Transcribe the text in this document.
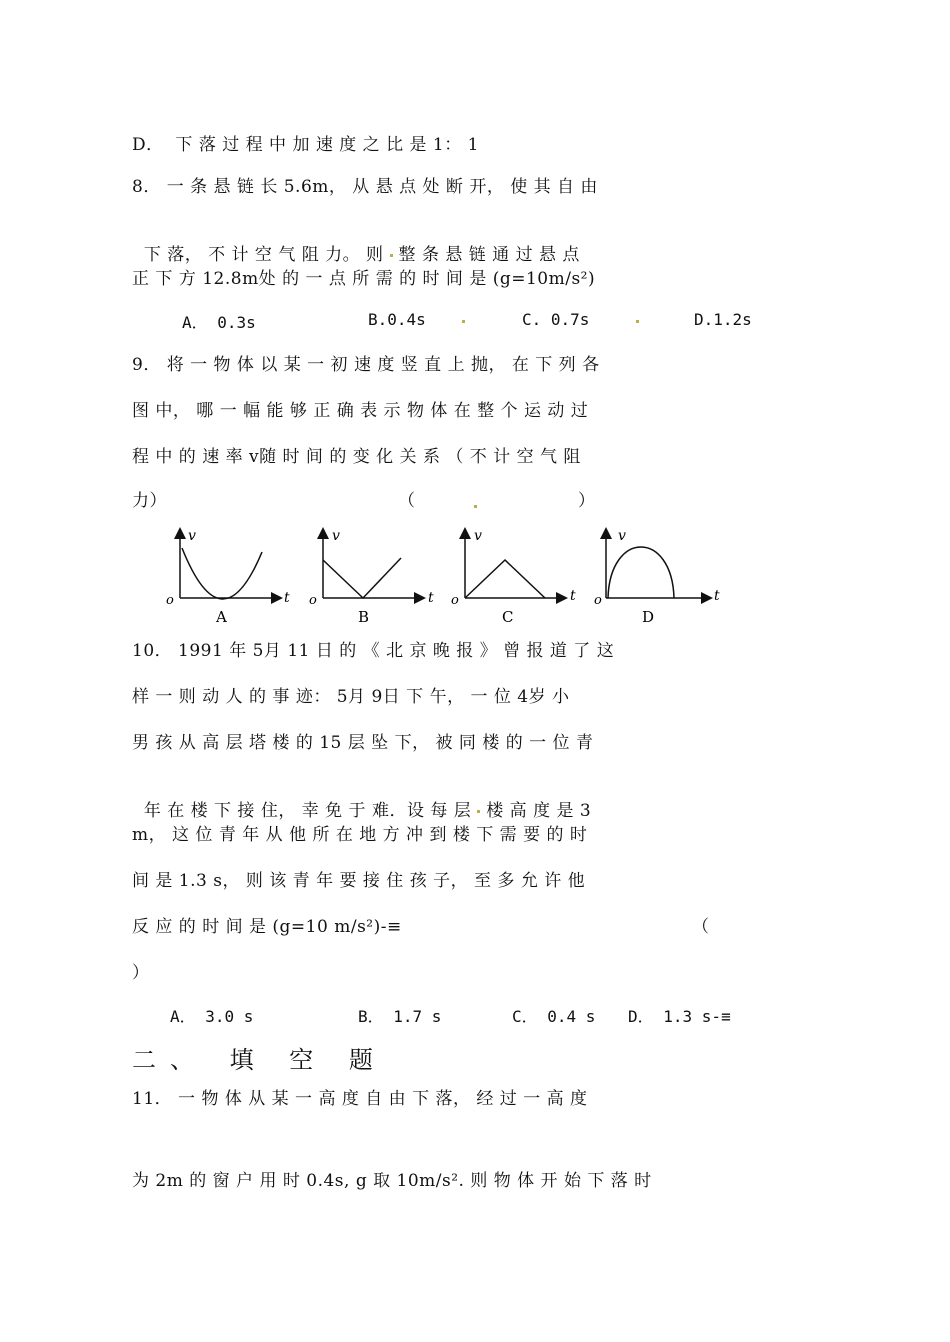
D．  下 落 过 程 中 加 速 度 之 比 是 1： 1
8． 一 条 悬 链 长 5.6m， 从 悬 点 处 断 开， 使 其 自 由

下 落， 不 计 空 气 阻 力。 则 整 条 悬 链 通 过 悬 点

正 下 方 12.8m处 的 一 点 所 需 的 时 间 是 (g=10m/s²)
A． 0.3s	B.0.4s	C. 0.7s	D.1.2s
9． 将 一 物 体 以 某 一 初 速 度 竖 直 上 抛， 在 下 列 各
图 中， 哪 一 幅 能 够 正 确 表 示 物 体 在 整 个 运 动 过
程 中 的 速 率 v随 时 间 的 变 化 关 系 （ 不 计 空 气 阻
力）	（	）
v
t
o
A
v
t
o
B
v
t
o
C
v
t
o
D
10． 1991 年 5月 11 日 的 《 北 京 晚 报 》 曾 报 道 了 这
样 一 则 动 人 的 事 迹： 5月 9日 下 午， 一 位 4岁 小
男 孩 从 高 层 塔 楼 的 15 层 坠 下， 被 同 楼 的 一 位 青

年 在 楼 下 接 住， 幸 免 于 难．设 每 层 楼 高 度 是 3

m， 这 位 青 年 从 他 所 在 地 方 冲 到 楼 下 需 要 的 时
间 是 1.3 s， 则 该 青 年 要 接 住 孩 子， 至 多 允 许 他
反 应 的 时 间 是 (g=10 m/s²)-≡	（
）
A． 3.0 s	B． 1.7 s	C． 0.4 s D． 1.3 s-≡
二、 填 空 题
11． 一 物 体 从 某 一 高 度 自 由 下 落， 经 过 一 高 度
为 2m 的 窗 户 用 时 0.4s, g 取 10m/s². 则 物 体 开 始 下 落 时
